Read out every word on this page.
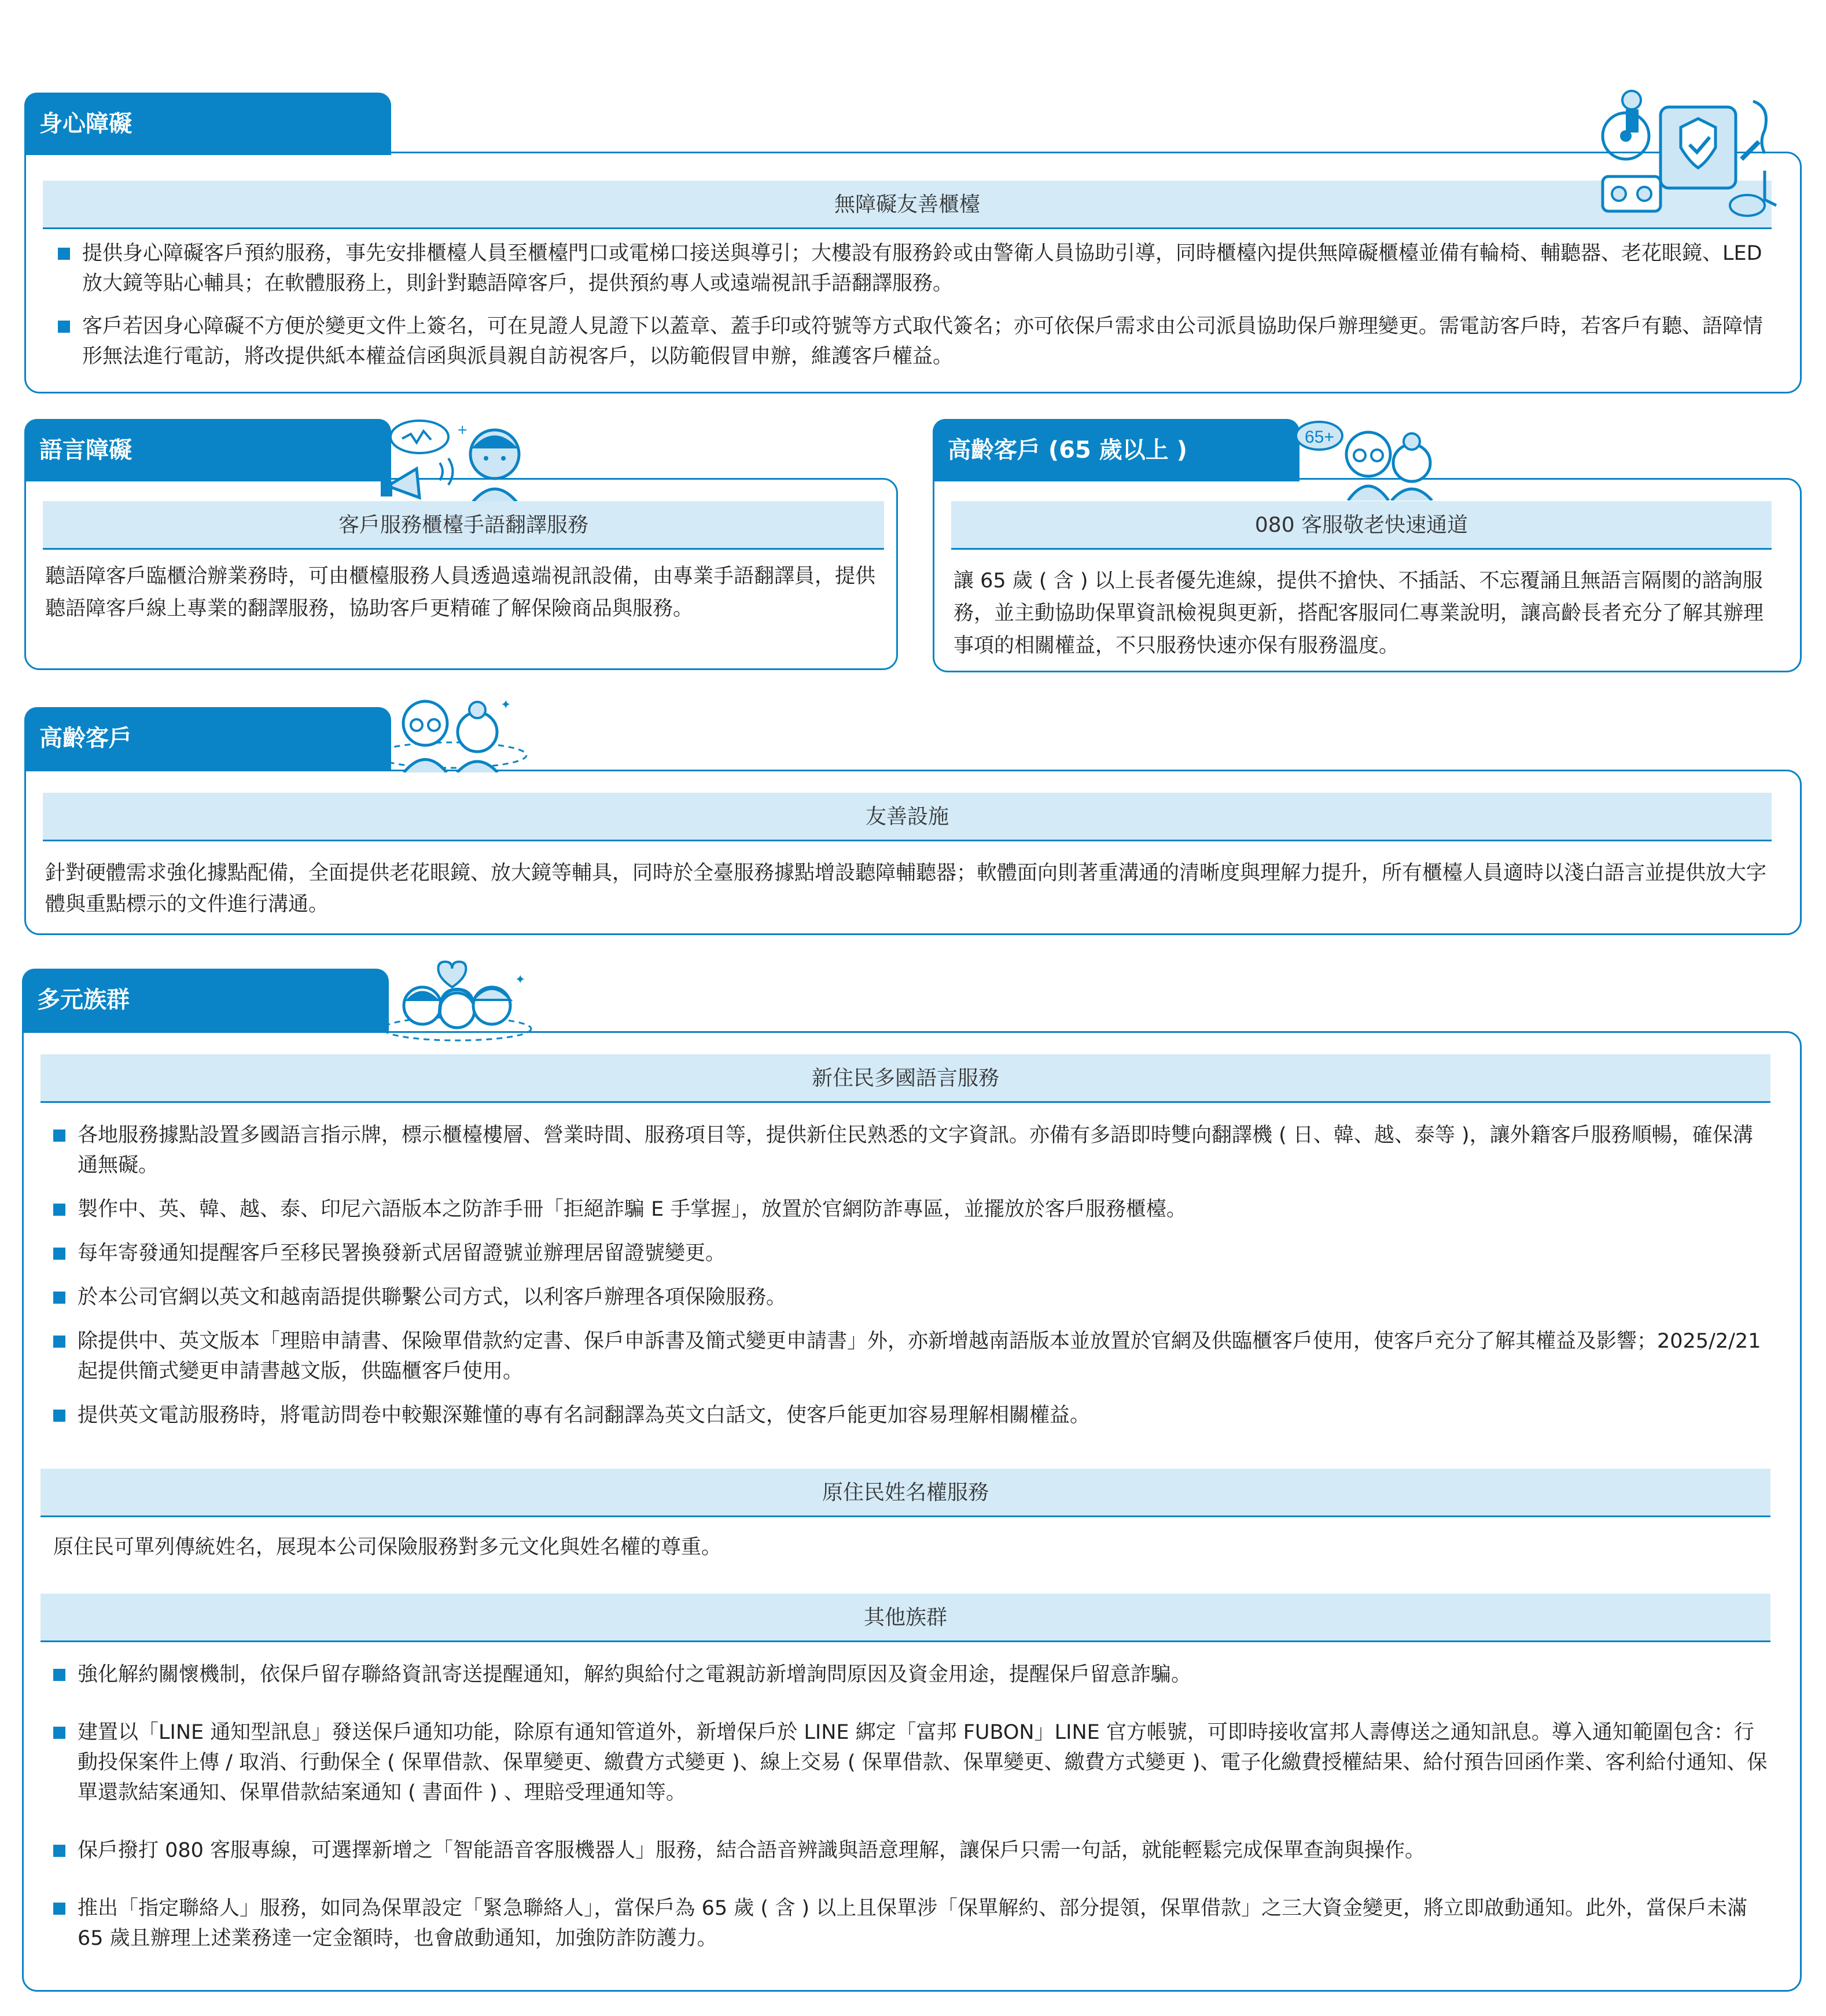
身心障礙
無障礙友善櫃檯
提供身心障礙客戶預約服務，事先安排櫃檯人員至櫃檯門口或電梯口接送與導引；大樓設有服務鈴或由警衛人員協助引導，同時櫃檯內提供無障礙櫃檯並備有輪椅、輔聽器、老花眼鏡、LED 放大鏡等貼心輔具；在軟體服務上，則針對聽語障客戶，提供預約專人或遠端視訊手語翻譯服務。
客戶若因身心障礙不方便於變更文件上簽名，可在見證人見證下以蓋章、蓋手印或符號等方式取代簽名；亦可依保戶需求由公司派員協助保戶辦理變更。需電訪客戶時，若客戶有聽、語障情形無法進行電訪，將改提供紙本權益信函與派員親自訪視客戶，以防範假冒申辦，維護客戶權益。
語言障礙
+
客戶服務櫃檯手語翻譯服務
聽語障客戶臨櫃洽辦業務時，可由櫃檯服務人員透過遠端視訊設備，由專業手語翻譯員，提供聽語障客戶線上專業的翻譯服務，協助客戶更精確了解保險商品與服務。
高齡客戶 (65 歲以上 )	65+
✦
080 客服敬老快速通道
讓 65 歲 ( 含 ) 以上長者優先進線，提供不搶快、不插話、不忘覆誦且無語言隔閡的諮詢服務，並主動協助保單資訊檢視與更新，搭配客服同仁專業說明，讓高齡長者充分了解其辦理事項的相關權益，不只服務快速亦保有服務溫度。
高齡客戶
✦
友善設施
針對硬體需求強化據點配備，全面提供老花眼鏡、放大鏡等輔具，同時於全臺服務據點增設聽障輔聽器；軟體面向則著重溝通的清晰度與理解力提升，所有櫃檯人員適時以淺白語言並提供放大字體與重點標示的文件進行溝通。
多元族群
✦
新住民多國語言服務
各地服務據點設置多國語言指示牌，標示櫃檯樓層、營業時間、服務項目等，提供新住民熟悉的文字資訊。亦備有多語即時雙向翻譯機 ( 日、韓、越、泰等 )，讓外籍客戶服務順暢，確保溝通無礙。
製作中、英、韓、越、泰、印尼六語版本之防詐手冊「拒絕詐騙 E 手掌握」，放置於官網防詐專區，並擺放於客戶服務櫃檯。
每年寄發通知提醒客戶至移民署換發新式居留證號並辦理居留證號變更。
於本公司官網以英文和越南語提供聯繫公司方式，以利客戶辦理各項保險服務。
除提供中、英文版本「理賠申請書、保險單借款約定書、保戶申訴書及簡式變更申請書」外，亦新增越南語版本並放置於官網及供臨櫃客戶使用，使客戶充分了解其權益及影響；2025/2/21 起提供簡式變更申請書越文版，供臨櫃客戶使用。
提供英文電訪服務時，將電訪問卷中較艱深難懂的專有名詞翻譯為英文白話文，使客戶能更加容易理解相關權益。
原住民姓名權服務
原住民可單列傳統姓名，展現本公司保險服務對多元文化與姓名權的尊重。
其他族群
強化解約關懷機制，依保戶留存聯絡資訊寄送提醒通知，解約與給付之電親訪新增詢問原因及資金用途，提醒保戶留意詐騙。
建置以「LINE 通知型訊息」發送保戶通知功能，除原有通知管道外，新增保戶於 LINE 綁定「富邦 FUBON」LINE 官方帳號，可即時接收富邦人壽傳送之通知訊息。導入通知範圍包含：行動投保案件上傳 / 取消、行動保全 ( 保單借款、保單變更、繳費方式變更 )、線上交易 ( 保單借款、保單變更、繳費方式變更 )、電子化繳費授權結果、給付預告回函作業、客利給付通知、保單還款結案通知、保單借款結案通知 ( 書面件 ) 、理賠受理通知等。
保戶撥打 080 客服專線，可選擇新增之「智能語音客服機器人」服務，結合語音辨識與語意理解，讓保戶只需一句話，就能輕鬆完成保單查詢與操作。
推出「指定聯絡人」服務，如同為保單設定「緊急聯絡人」，當保戶為 65 歲 ( 含 ) 以上且保單涉「保單解約、部分提領，保單借款」之三大資金變更，將立即啟動通知。此外，當保戶未滿 65 歲且辦理上述業務達一定金額時，也會啟動通知，加強防詐防護力。
